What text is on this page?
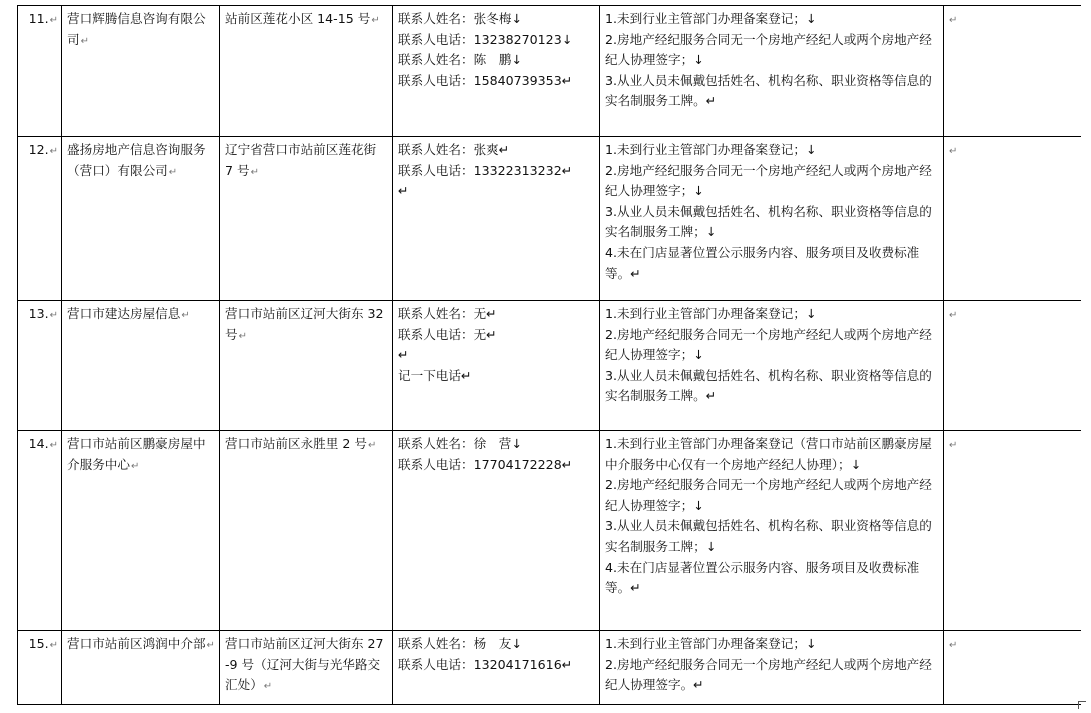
11.↵	营口辉腾信息咨询有限公司↵	站前区莲花小区 14-15 号↵	联系人姓名：张冬梅↓
联系人电话：13238270123↓
联系人姓名：陈　鹏↓
联系人电话：15840739353↵	1.未到行业主管部门办理备案登记；↓
2.房地产经纪服务合同无一个房地产经纪人或两个房地产经纪人协理签字；↓
3.从业人员未佩戴包括姓名、机构名称、职业资格等信息的实名制服务工牌。↵	↵
12.↵	盛扬房地产信息咨询服务（营口）有限公司↵	辽宁省营口市站前区莲花街 7 号↵	联系人姓名：张爽↵
联系人电话：13322313232↵
↵	1.未到行业主管部门办理备案登记；↓
2.房地产经纪服务合同无一个房地产经纪人或两个房地产经纪人协理签字；↓
3.从业人员未佩戴包括姓名、机构名称、职业资格等信息的实名制服务工牌；↓
4.未在门店显著位置公示服务内容、服务项目及收费标准等。↵	↵
13.↵	营口市建达房屋信息↵	营口市站前区辽河大街东 32 号↵	联系人姓名：无↵
联系人电话：无↵
↵
记一下电话↵	1.未到行业主管部门办理备案登记；↓
2.房地产经纪服务合同无一个房地产经纪人或两个房地产经纪人协理签字；↓
3.从业人员未佩戴包括姓名、机构名称、职业资格等信息的实名制服务工牌。↵	↵
14.↵	营口市站前区鹏豪房屋中介服务中心↵	营口市站前区永胜里 2 号↵	联系人姓名：徐　营↓
联系人电话：17704172228↵	1.未到行业主管部门办理备案登记（营口市站前区鹏豪房屋中介服务中心仅有一个房地产经纪人协理）；↓
2.房地产经纪服务合同无一个房地产经纪人或两个房地产经纪人协理签字；↓
3.从业人员未佩戴包括姓名、机构名称、职业资格等信息的实名制服务工牌；↓
4.未在门店显著位置公示服务内容、服务项目及收费标准等。↵	↵
15.↵	营口市站前区鸿润中介部↵	营口市站前区辽河大街东 27-9 号（辽河大街与光华路交汇处）↵	联系人姓名：杨　友↓
联系人电话：13204171616↵	1.未到行业主管部门办理备案登记；↓
2.房地产经纪服务合同无一个房地产经纪人或两个房地产经纪人协理签字。↵	↵
